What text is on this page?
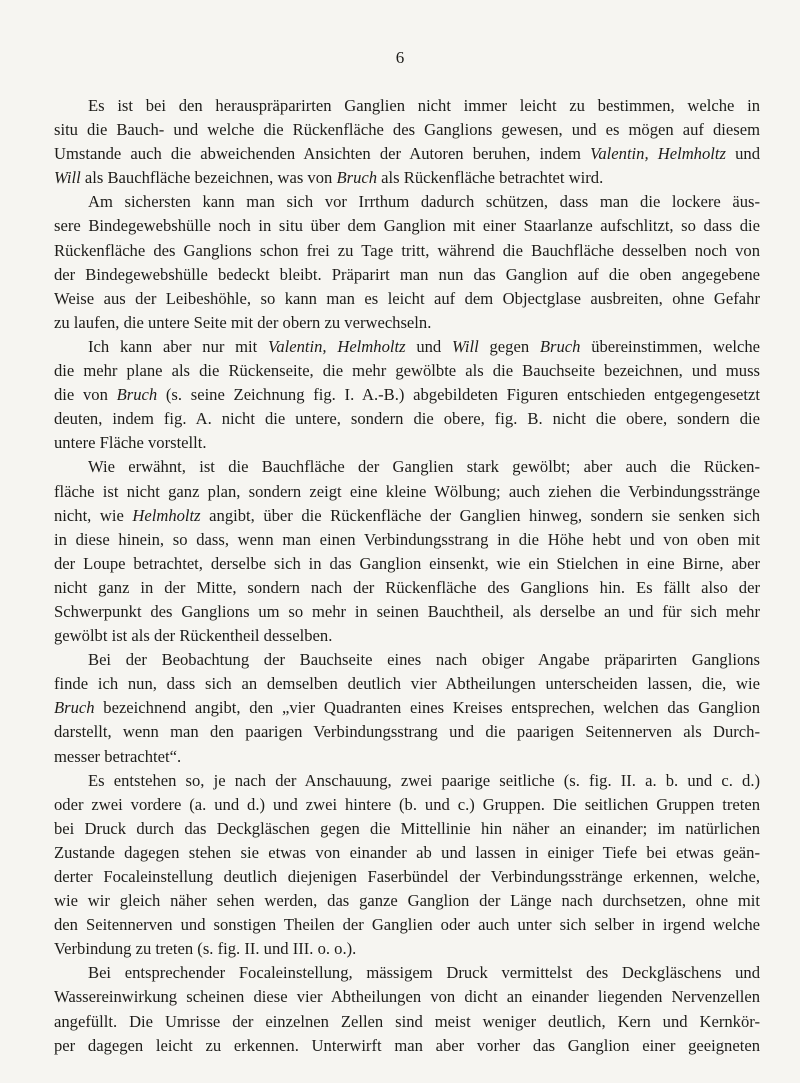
6
Es ist bei den herauspräparirten Ganglien nicht immer leicht zu bestimmen, welche in
situ die Bauch- und welche die Rückenfläche des Ganglions gewesen, und es mögen auf diesem
Umstande auch die abweichenden Ansichten der Autoren beruhen, indem Valentin, Helmholtz und
Will als Bauchfläche bezeichnen, was von Bruch als Rückenfläche betrachtet wird.
Am sichersten kann man sich vor Irrthum dadurch schützen, dass man die lockere äus-
sere Bindegewebshülle noch in situ über dem Ganglion mit einer Staarlanze aufschlitzt, so dass die
Rückenfläche des Ganglions schon frei zu Tage tritt, während die Bauchfläche desselben noch von
der Bindegewebshülle bedeckt bleibt. Präparirt man nun das Ganglion auf die oben angegebene
Weise aus der Leibeshöhle, so kann man es leicht auf dem Objectglase ausbreiten, ohne Gefahr
zu laufen, die untere Seite mit der obern zu verwechseln.
Ich kann aber nur mit Valentin, Helmholtz und Will gegen Bruch übereinstimmen, welche
die mehr plane als die Rückenseite, die mehr gewölbte als die Bauchseite bezeichnen, und muss
die von Bruch (s. seine Zeichnung fig. I. A.-B.) abgebildeten Figuren entschieden entgegengesetzt
deuten, indem fig. A. nicht die untere, sondern die obere, fig. B. nicht die obere, sondern die
untere Fläche vorstellt.
Wie erwähnt, ist die Bauchfläche der Ganglien stark gewölbt; aber auch die Rücken-
fläche ist nicht ganz plan, sondern zeigt eine kleine Wölbung; auch ziehen die Verbindungsstränge
nicht, wie Helmholtz angibt, über die Rückenfläche der Ganglien hinweg, sondern sie senken sich
in diese hinein, so dass, wenn man einen Verbindungsstrang in die Höhe hebt und von oben mit
der Loupe betrachtet, derselbe sich in das Ganglion einsenkt, wie ein Stielchen in eine Birne, aber
nicht ganz in der Mitte, sondern nach der Rückenfläche des Ganglions hin. Es fällt also der
Schwerpunkt des Ganglions um so mehr in seinen Bauchtheil, als derselbe an und für sich mehr
gewölbt ist als der Rückentheil desselben.
Bei der Beobachtung der Bauchseite eines nach obiger Angabe präparirten Ganglions
finde ich nun, dass sich an demselben deutlich vier Abtheilungen unterscheiden lassen, die, wie
Bruch bezeichnend angibt, den „vier Quadranten eines Kreises entsprechen, welchen das Ganglion
darstellt, wenn man den paarigen Verbindungsstrang und die paarigen Seitennerven als Durch-
messer betrachtet“.
Es entstehen so, je nach der Anschauung, zwei paarige seitliche (s. fig. II. a. b. und c. d.)
oder zwei vordere (a. und d.) und zwei hintere (b. und c.) Gruppen. Die seitlichen Gruppen treten
bei Druck durch das Deckgläschen gegen die Mittellinie hin näher an einander; im natürlichen
Zustande dagegen stehen sie etwas von einander ab und lassen in einiger Tiefe bei etwas geän-
derter Focaleinstellung deutlich diejenigen Faserbündel der Verbindungsstränge erkennen, welche,
wie wir gleich näher sehen werden, das ganze Ganglion der Länge nach durchsetzen, ohne mit
den Seitennerven und sonstigen Theilen der Ganglien oder auch unter sich selber in irgend welche
Verbindung zu treten (s. fig. II. und III. o. o.).
Bei entsprechender Focaleinstellung, mässigem Druck vermittelst des Deckgläschens und
Wassereinwirkung scheinen diese vier Abtheilungen von dicht an einander liegenden Nervenzellen
angefüllt. Die Umrisse der einzelnen Zellen sind meist weniger deutlich, Kern und Kernkör-
per dagegen leicht zu erkennen. Unterwirft man aber vorher das Ganglion einer geeigneten
